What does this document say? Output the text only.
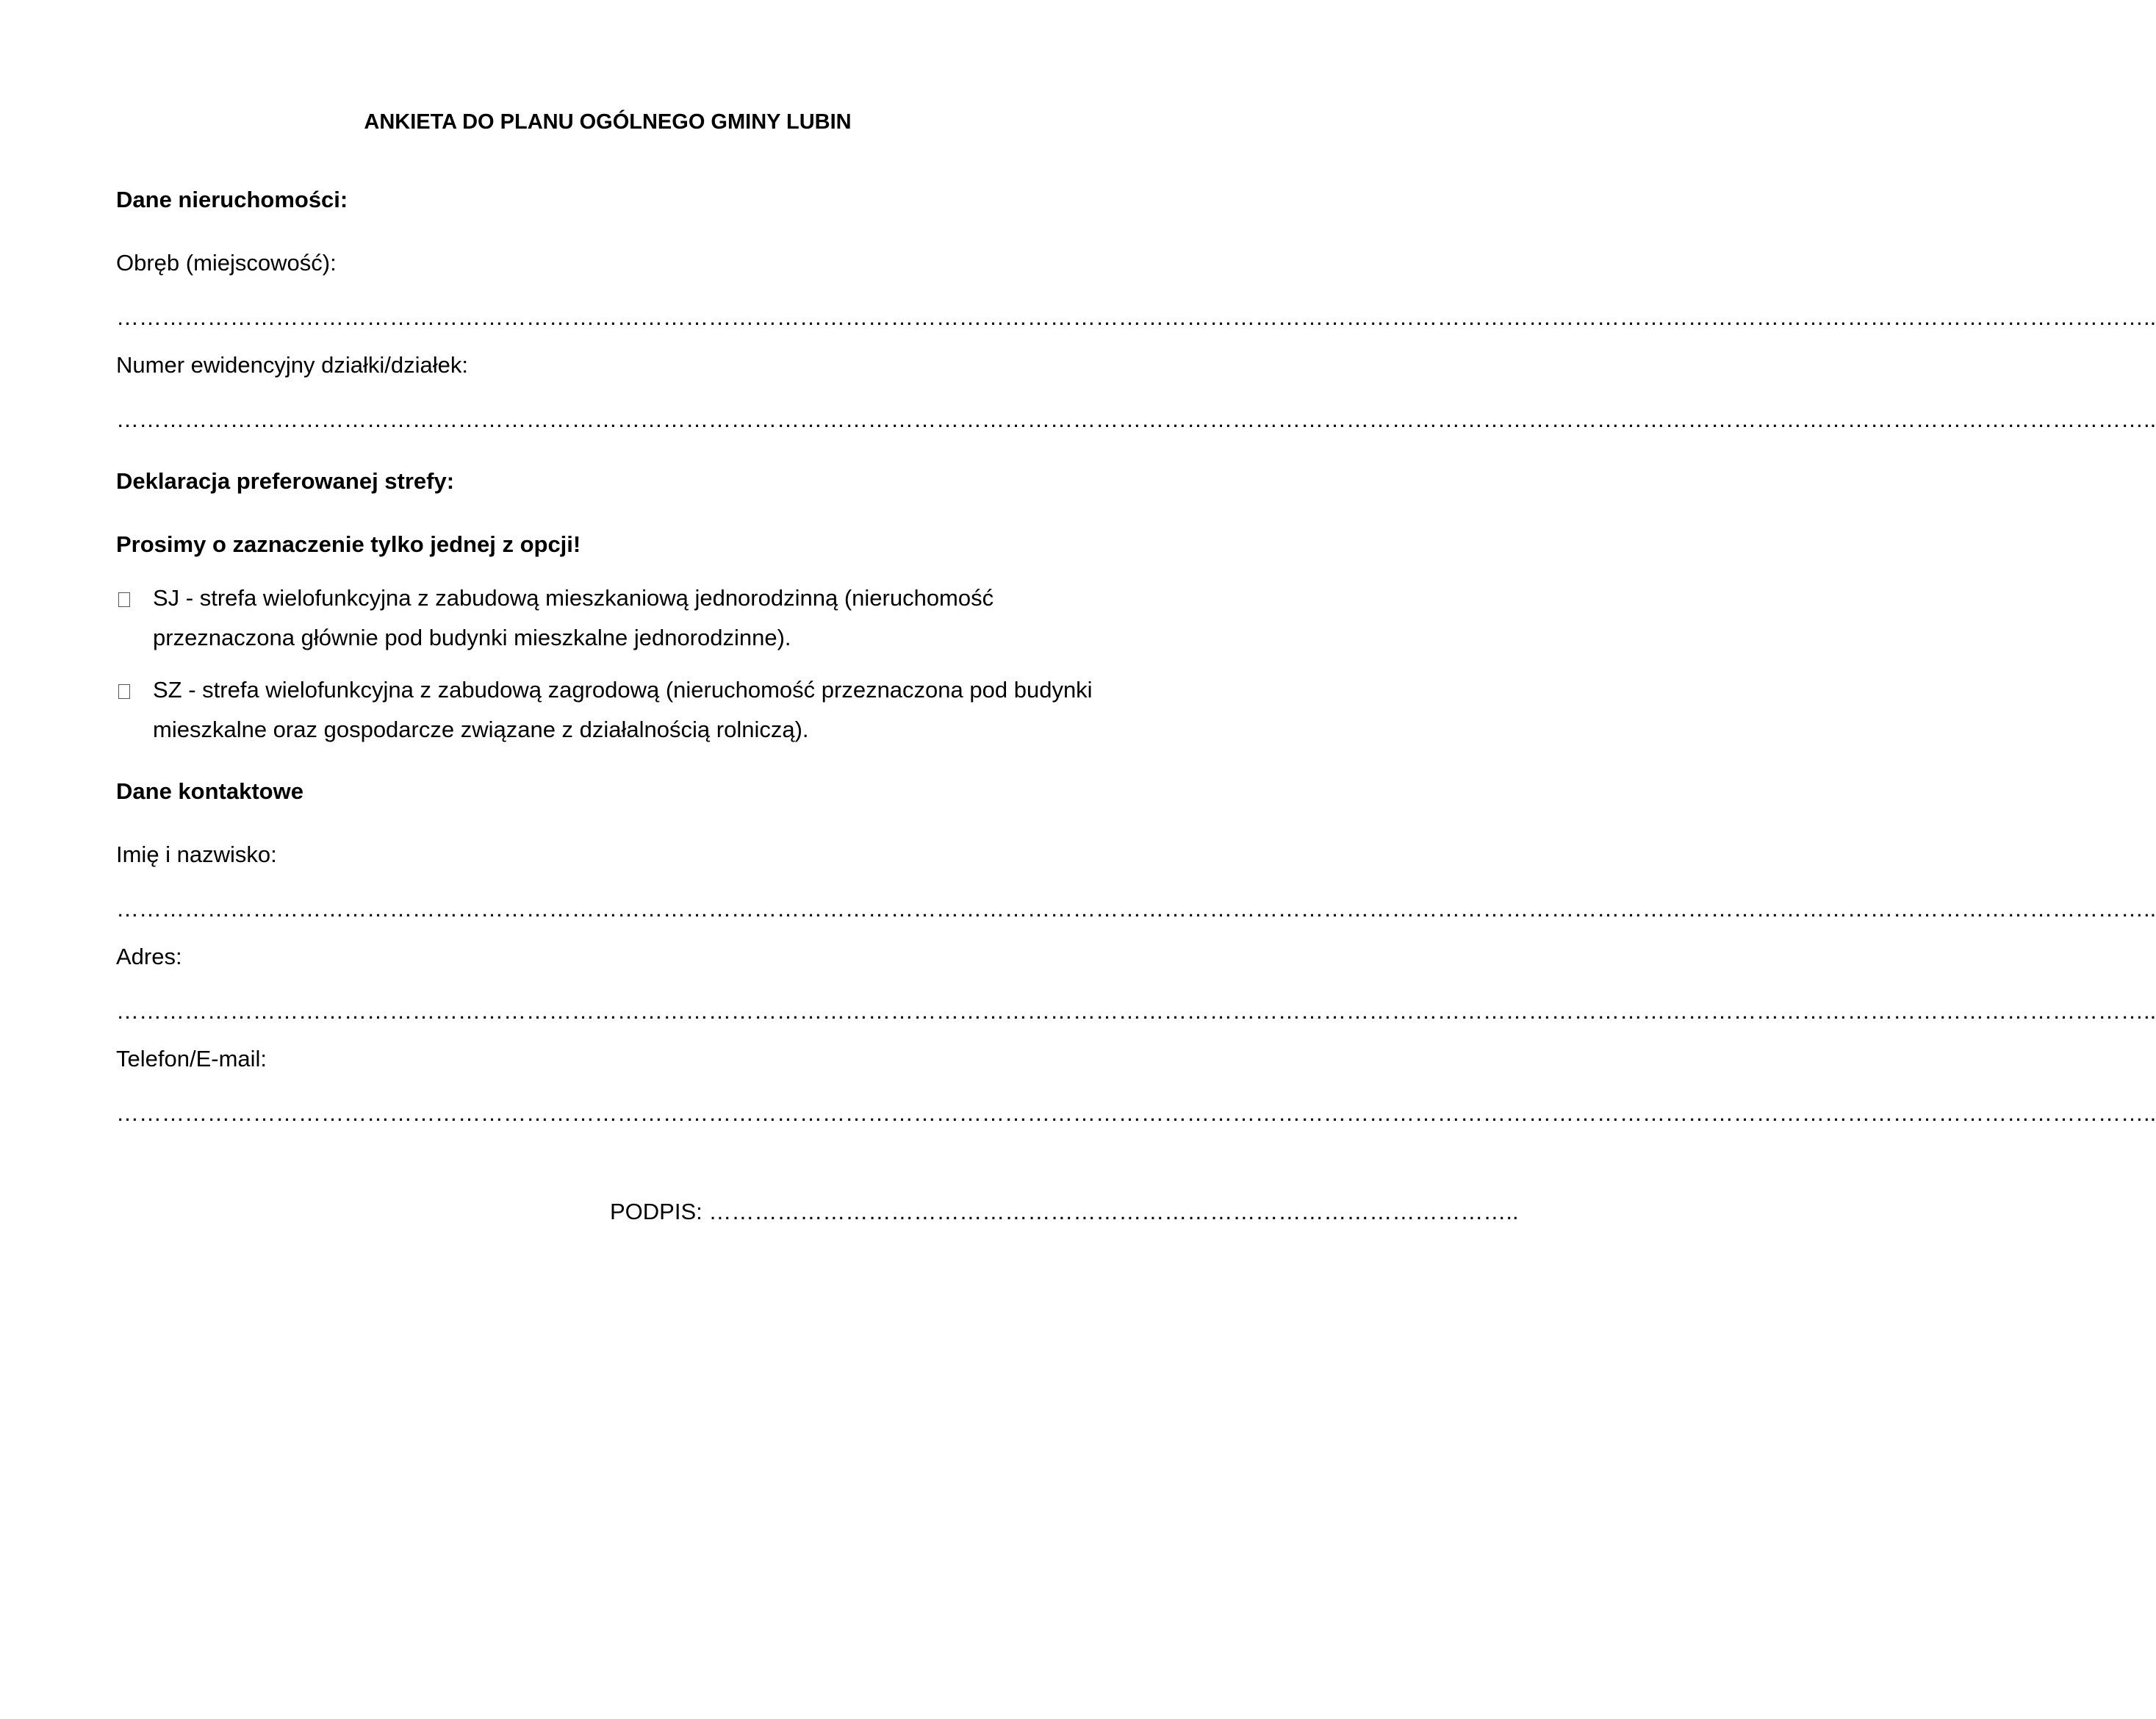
ANKIETA DO PLANU OGÓLNEGO GMINY LUBIN
Dane nieruchomości:
Obręb (miejscowość):
……………………………………………………………………………………………………………………………………………………………………………………………………………………………………………..
Numer ewidencyjny działki/działek:
……………………………………………………………………………………………………………………………………………………………………………………………………………………………………………..
Deklaracja preferowanej strefy:
Prosimy o zaznaczenie tylko jednej z opcji!
SJ - strefa wielofunkcyjna z zabudową mieszkaniową jednorodzinną (nieruchomość
przeznaczona głównie pod budynki mieszkalne jednorodzinne).
SZ - strefa wielofunkcyjna z zabudową zagrodową (nieruchomość przeznaczona pod budynki
mieszkalne oraz gospodarcze związane z działalnością rolniczą).
Dane kontaktowe
Imię i nazwisko:
……………………………………………………………………………………………………………………………………………………………………………………………………………………………………………..
Adres:
……………………………………………………………………………………………………………………………………………………………………………………………………………………………………………..
Telefon/E-mail:
……………………………………………………………………………………………………………………………………………………………………………………………………………………………………………..
PODPIS: ……………………………………………………………………………………………..
